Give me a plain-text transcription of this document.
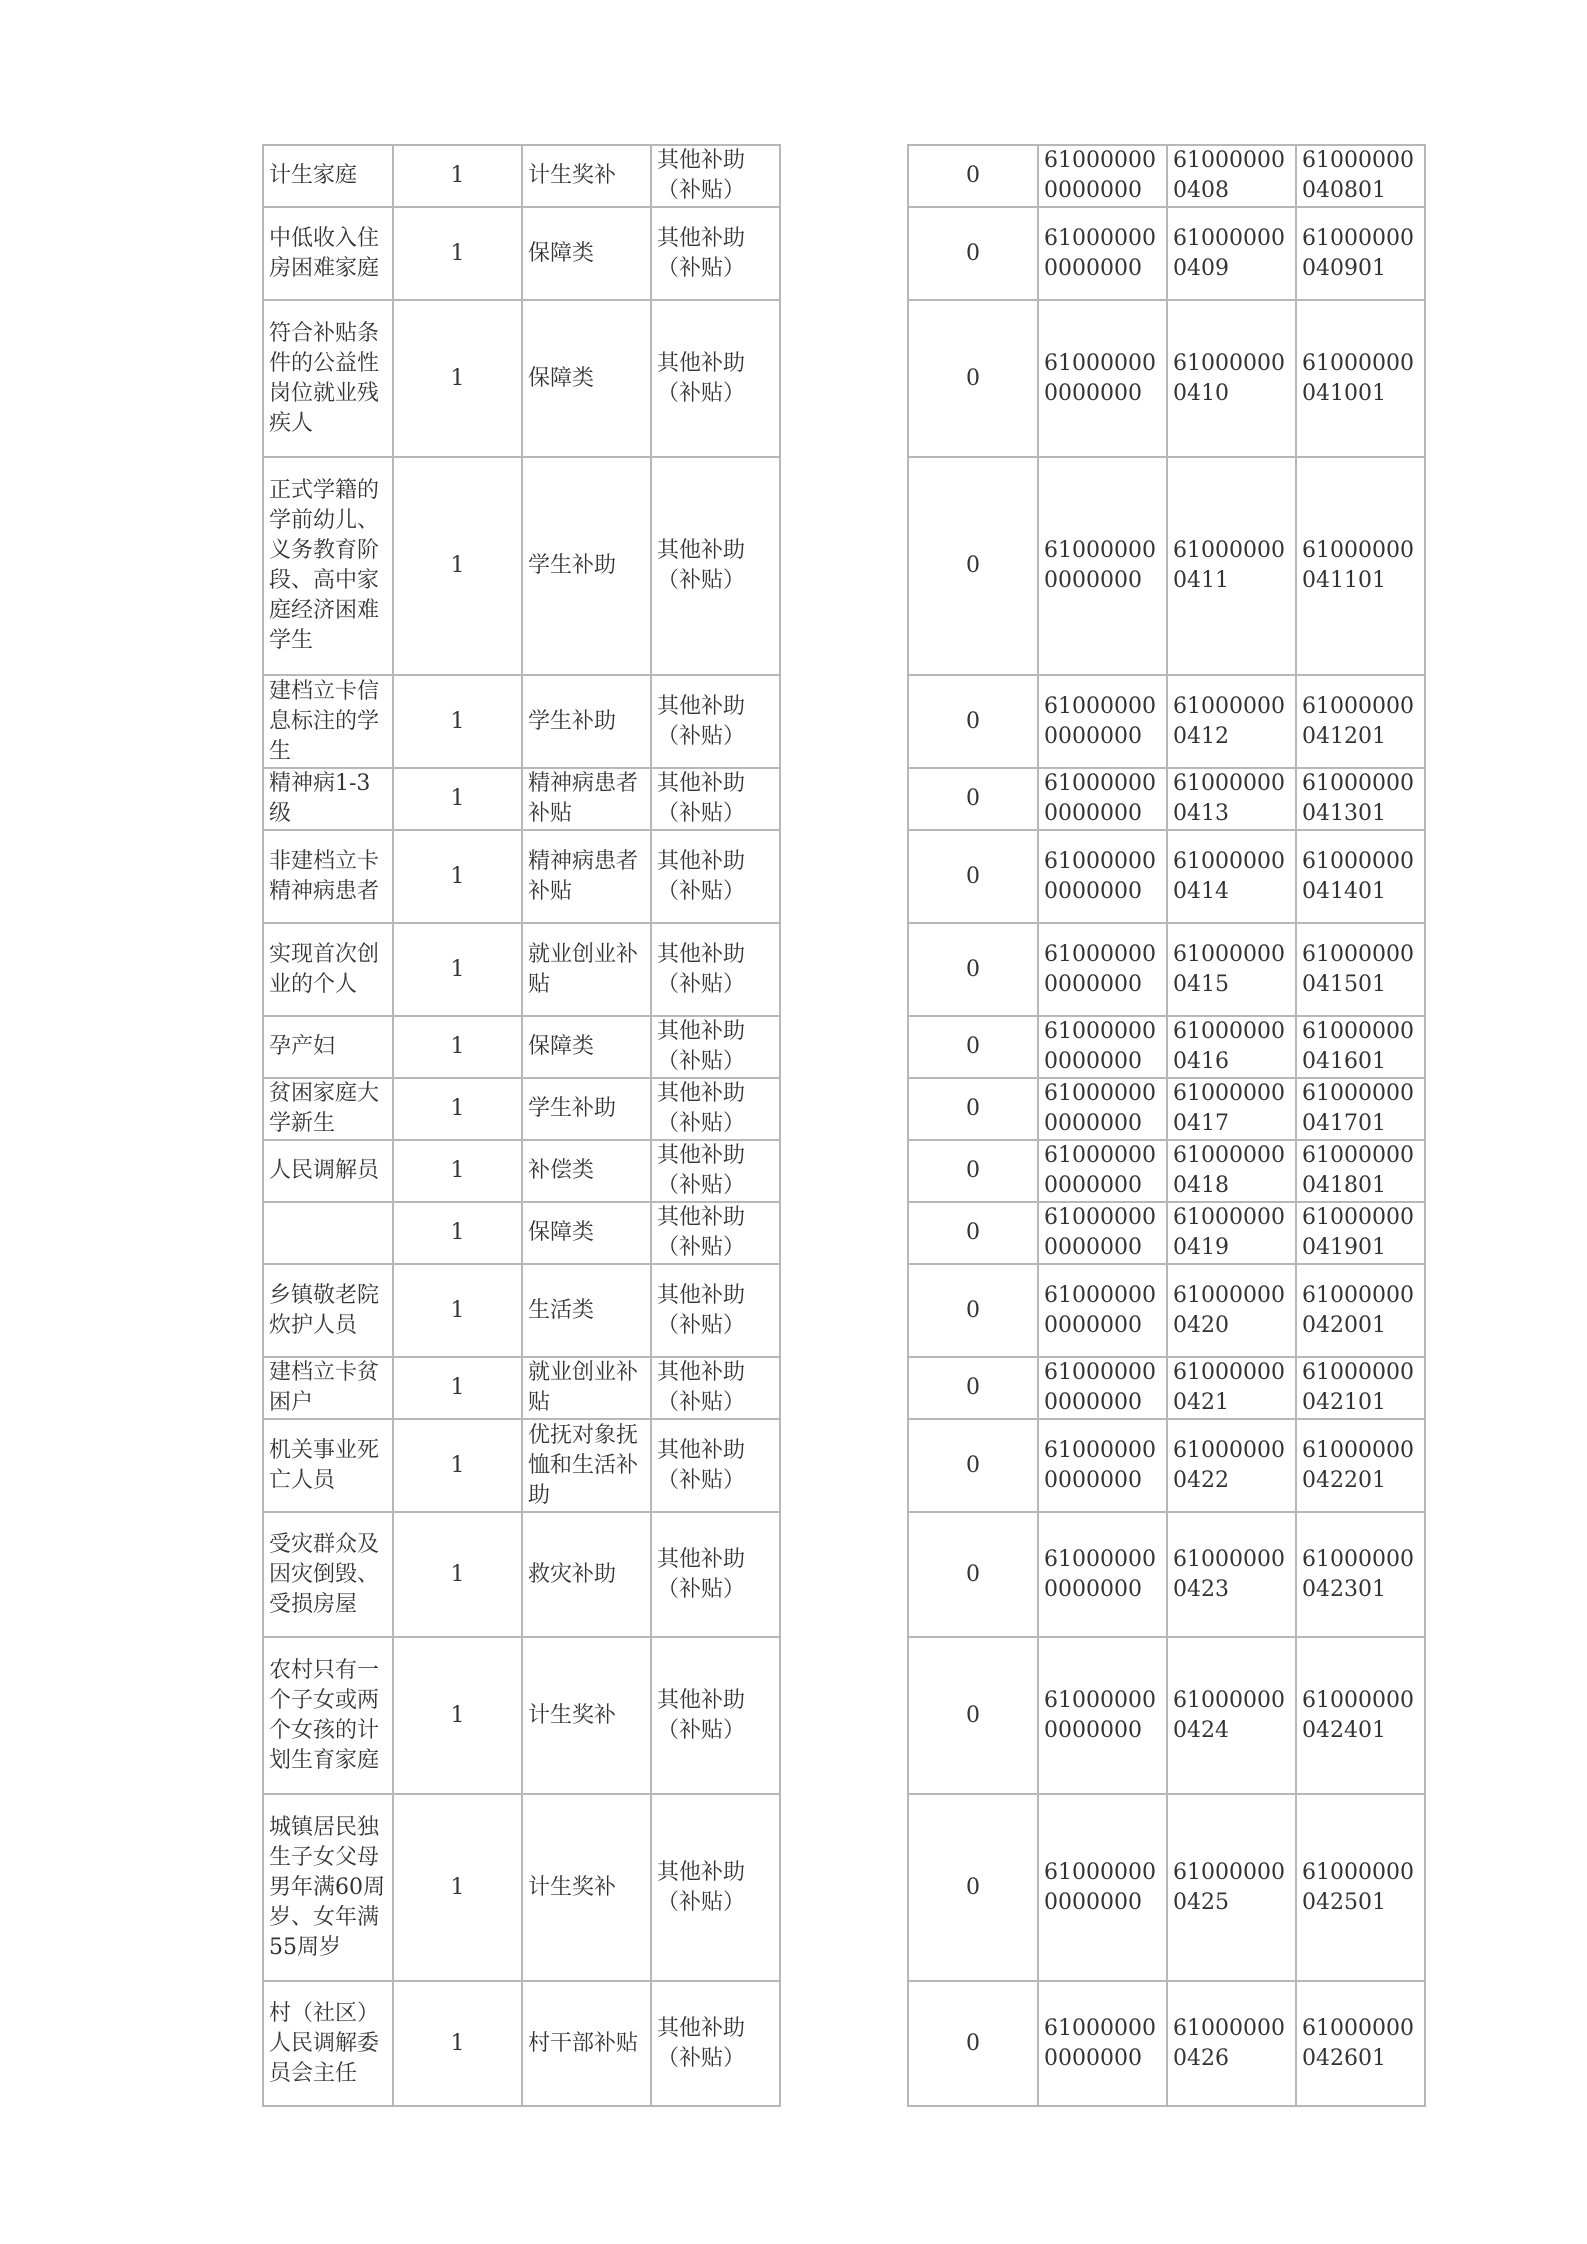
计生家庭	1	计生奖补	其他补助（补贴）
中低收入住房困难家庭	1	保障类	其他补助（补贴）
符合补贴条件的公益性岗位就业残疾人	1	保障类	其他补助（补贴）
正式学籍的学前幼儿、义务教育阶段、高中家庭经济困难学生	1	学生补助	其他补助（补贴）
建档立卡信息标注的学生	1	学生补助	其他补助（补贴）
精神病1-3级	1	精神病患者补贴	其他补助（补贴）
非建档立卡精神病患者	1	精神病患者补贴	其他补助（补贴）
实现首次创业的个人	1	就业创业补贴	其他补助（补贴）
孕产妇	1	保障类	其他补助（补贴）
贫困家庭大学新生	1	学生补助	其他补助（补贴）
人民调解员	1	补偿类	其他补助（补贴）
	1	保障类	其他补助（补贴）
乡镇敬老院炊护人员	1	生活类	其他补助（补贴）
建档立卡贫困户	1	就业创业补贴	其他补助（补贴）
机关事业死亡人员	1	优抚对象抚恤和生活补助	其他补助（补贴）
受灾群众及因灾倒毁、受损房屋	1	救灾补助	其他补助（补贴）
农村只有一个子女或两个女孩的计划生育家庭	1	计生奖补	其他补助（补贴）
城镇居民独生子女父母男年满60周岁、女年满55周岁	1	计生奖补	其他补助（补贴）
村（社区）人民调解委员会主任	1	村干部补贴	其他补助（补贴）
0	610000000000000	610000000408	61000000040801
0	610000000000000	610000000409	61000000040901
0	610000000000000	610000000410	61000000041001
0	610000000000000	610000000411	61000000041101
0	610000000000000	610000000412	61000000041201
0	610000000000000	610000000413	61000000041301
0	610000000000000	610000000414	61000000041401
0	610000000000000	610000000415	61000000041501
0	610000000000000	610000000416	61000000041601
0	610000000000000	610000000417	61000000041701
0	610000000000000	610000000418	61000000041801
0	610000000000000	610000000419	61000000041901
0	610000000000000	610000000420	61000000042001
0	610000000000000	610000000421	61000000042101
0	610000000000000	610000000422	61000000042201
0	610000000000000	610000000423	61000000042301
0	610000000000000	610000000424	61000000042401
0	610000000000000	610000000425	61000000042501
0	610000000000000	610000000426	61000000042601
